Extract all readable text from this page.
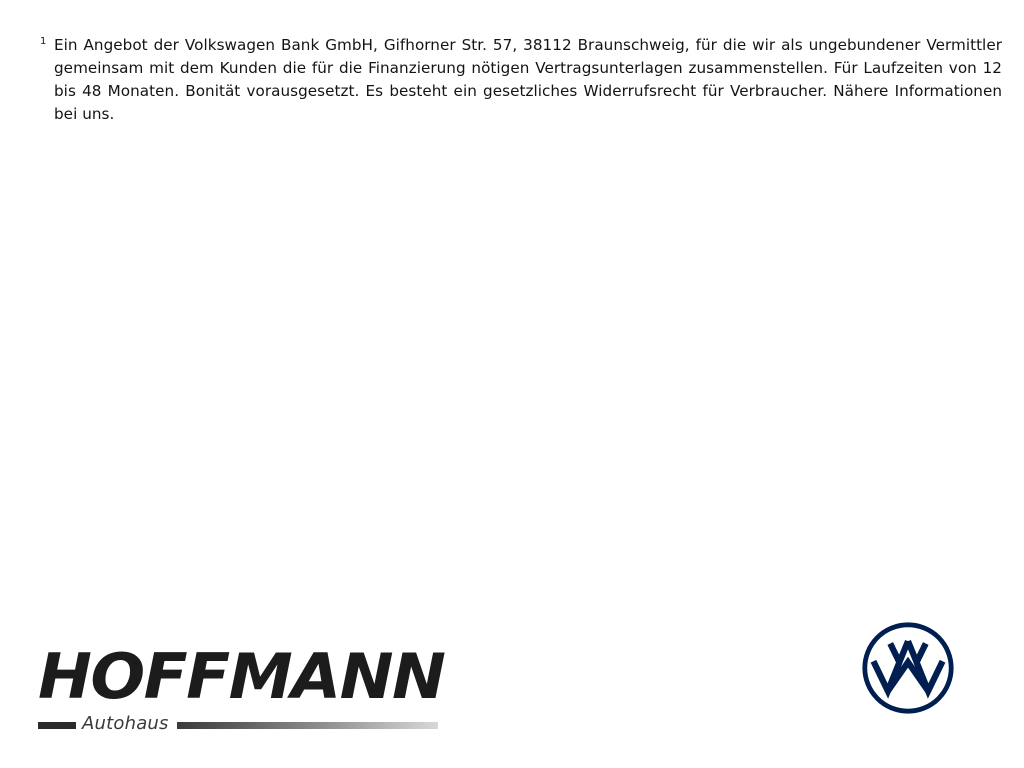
1 Ein Angebot der Volkswagen Bank GmbH, Gifhorner Str. 57, 38112 Braunschweig, für die wir als ungebundener Vermittler gemeinsam mit dem Kunden die für die Finanzierung nötigen Vertragsunterlagen zusammenstellen. Für Laufzeiten von 12 bis 48 Monaten. Bonität vorausgesetzt. Es besteht ein gesetzliches Widerrufsrecht für Verbraucher. Nähere Informationen bei uns.
HOFFMANN
Autohaus
